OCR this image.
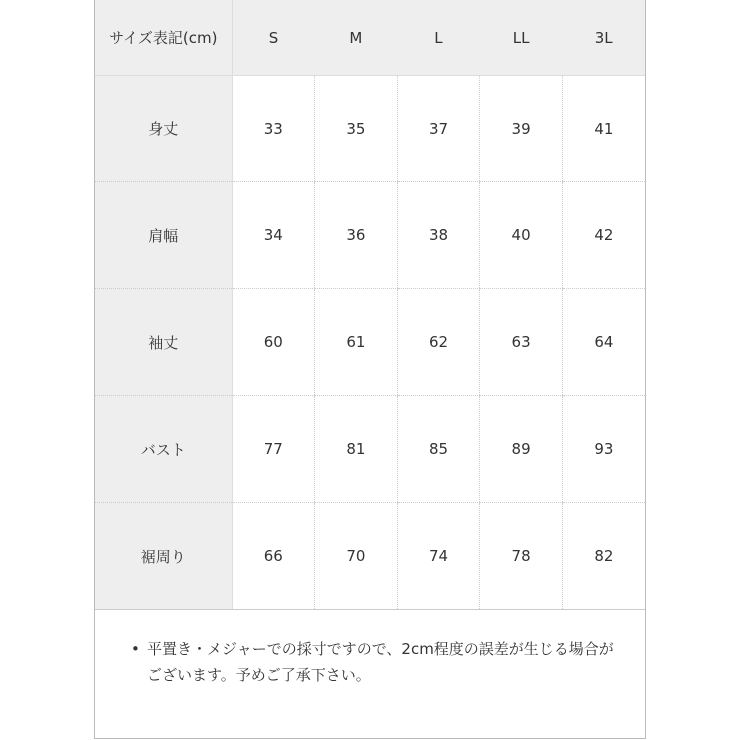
サイズ表記(cm)	S	M	L	LL	3L
身丈	33	35	37	39	41
肩幅	34	36	38	40	42
袖丈	60	61	62	63	64
バスト	77	81	85	89	93
裾周り	66	70	74	78	82
• 平置き・メジャーでの採寸ですので、2cm程度の誤差が生じる場合がございます。予めご了承下さい。
